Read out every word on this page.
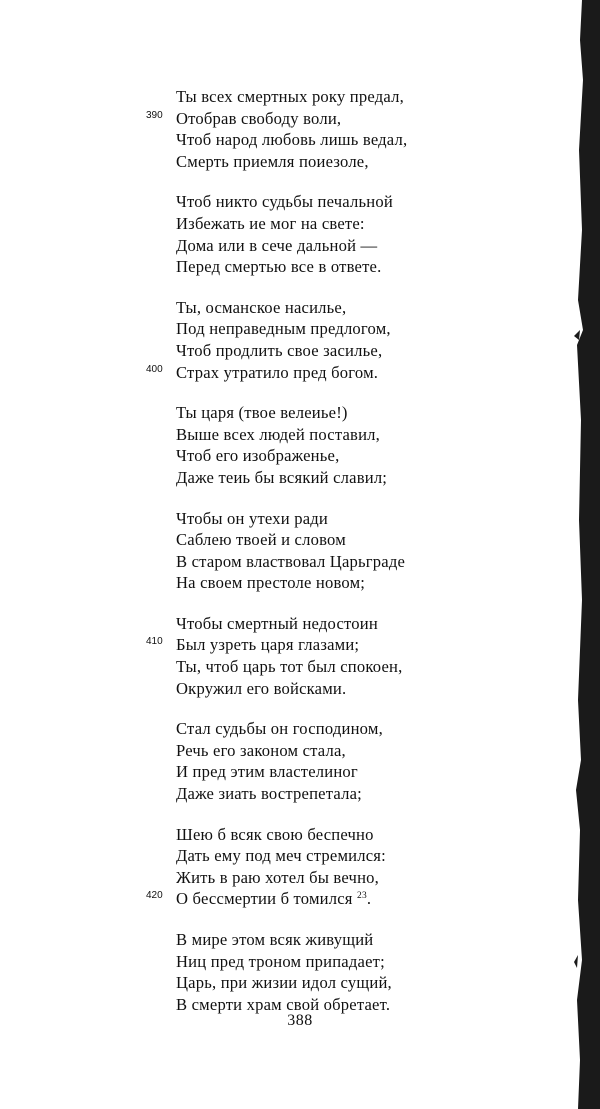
Ты всех смертных року предал,
390 Отобрав свободу воли,
Чтоб народ любовь лишь ведал,
Смерть приемля поиезоле,
Чтоб никто судьбы печальной
Избежать ие мог на свете:
Дома или в сече дальной —
Перед смертью все в ответе.
Ты, османское насилье,
Под неправедным предлогом,
Чтоб продлить свое засилье,
400 Страх утратило пред богом.
Ты царя (твое велеиье!)
Выше всех людей поставил,
Чтоб его изображенье,
Даже теиь бы всякий славил;
Чтобы он утехи ради
Саблею твоей и словом
В старом властвовал Царьграде
На своем престоле новом;
Чтобы смертный недостоин
410 Был узреть царя глазами;
Ты, чтоб царь тот был спокоен,
Окружил его войсками.
Стал судьбы он господином,
Речь его законом стала,
И пред этим властелиног
Даже зиать вострепетала;
Шею б всяк свою беспечно
Дать ему под меч стремился:
Жить в раю хотел бы вечно,
420 О бессмертии б томился $^{23}$.
В мире этом всяк живущий
Ниц пред троном припадает;
Царь, при жизии идол сущий,
В смерти храм свой обретает.
388
